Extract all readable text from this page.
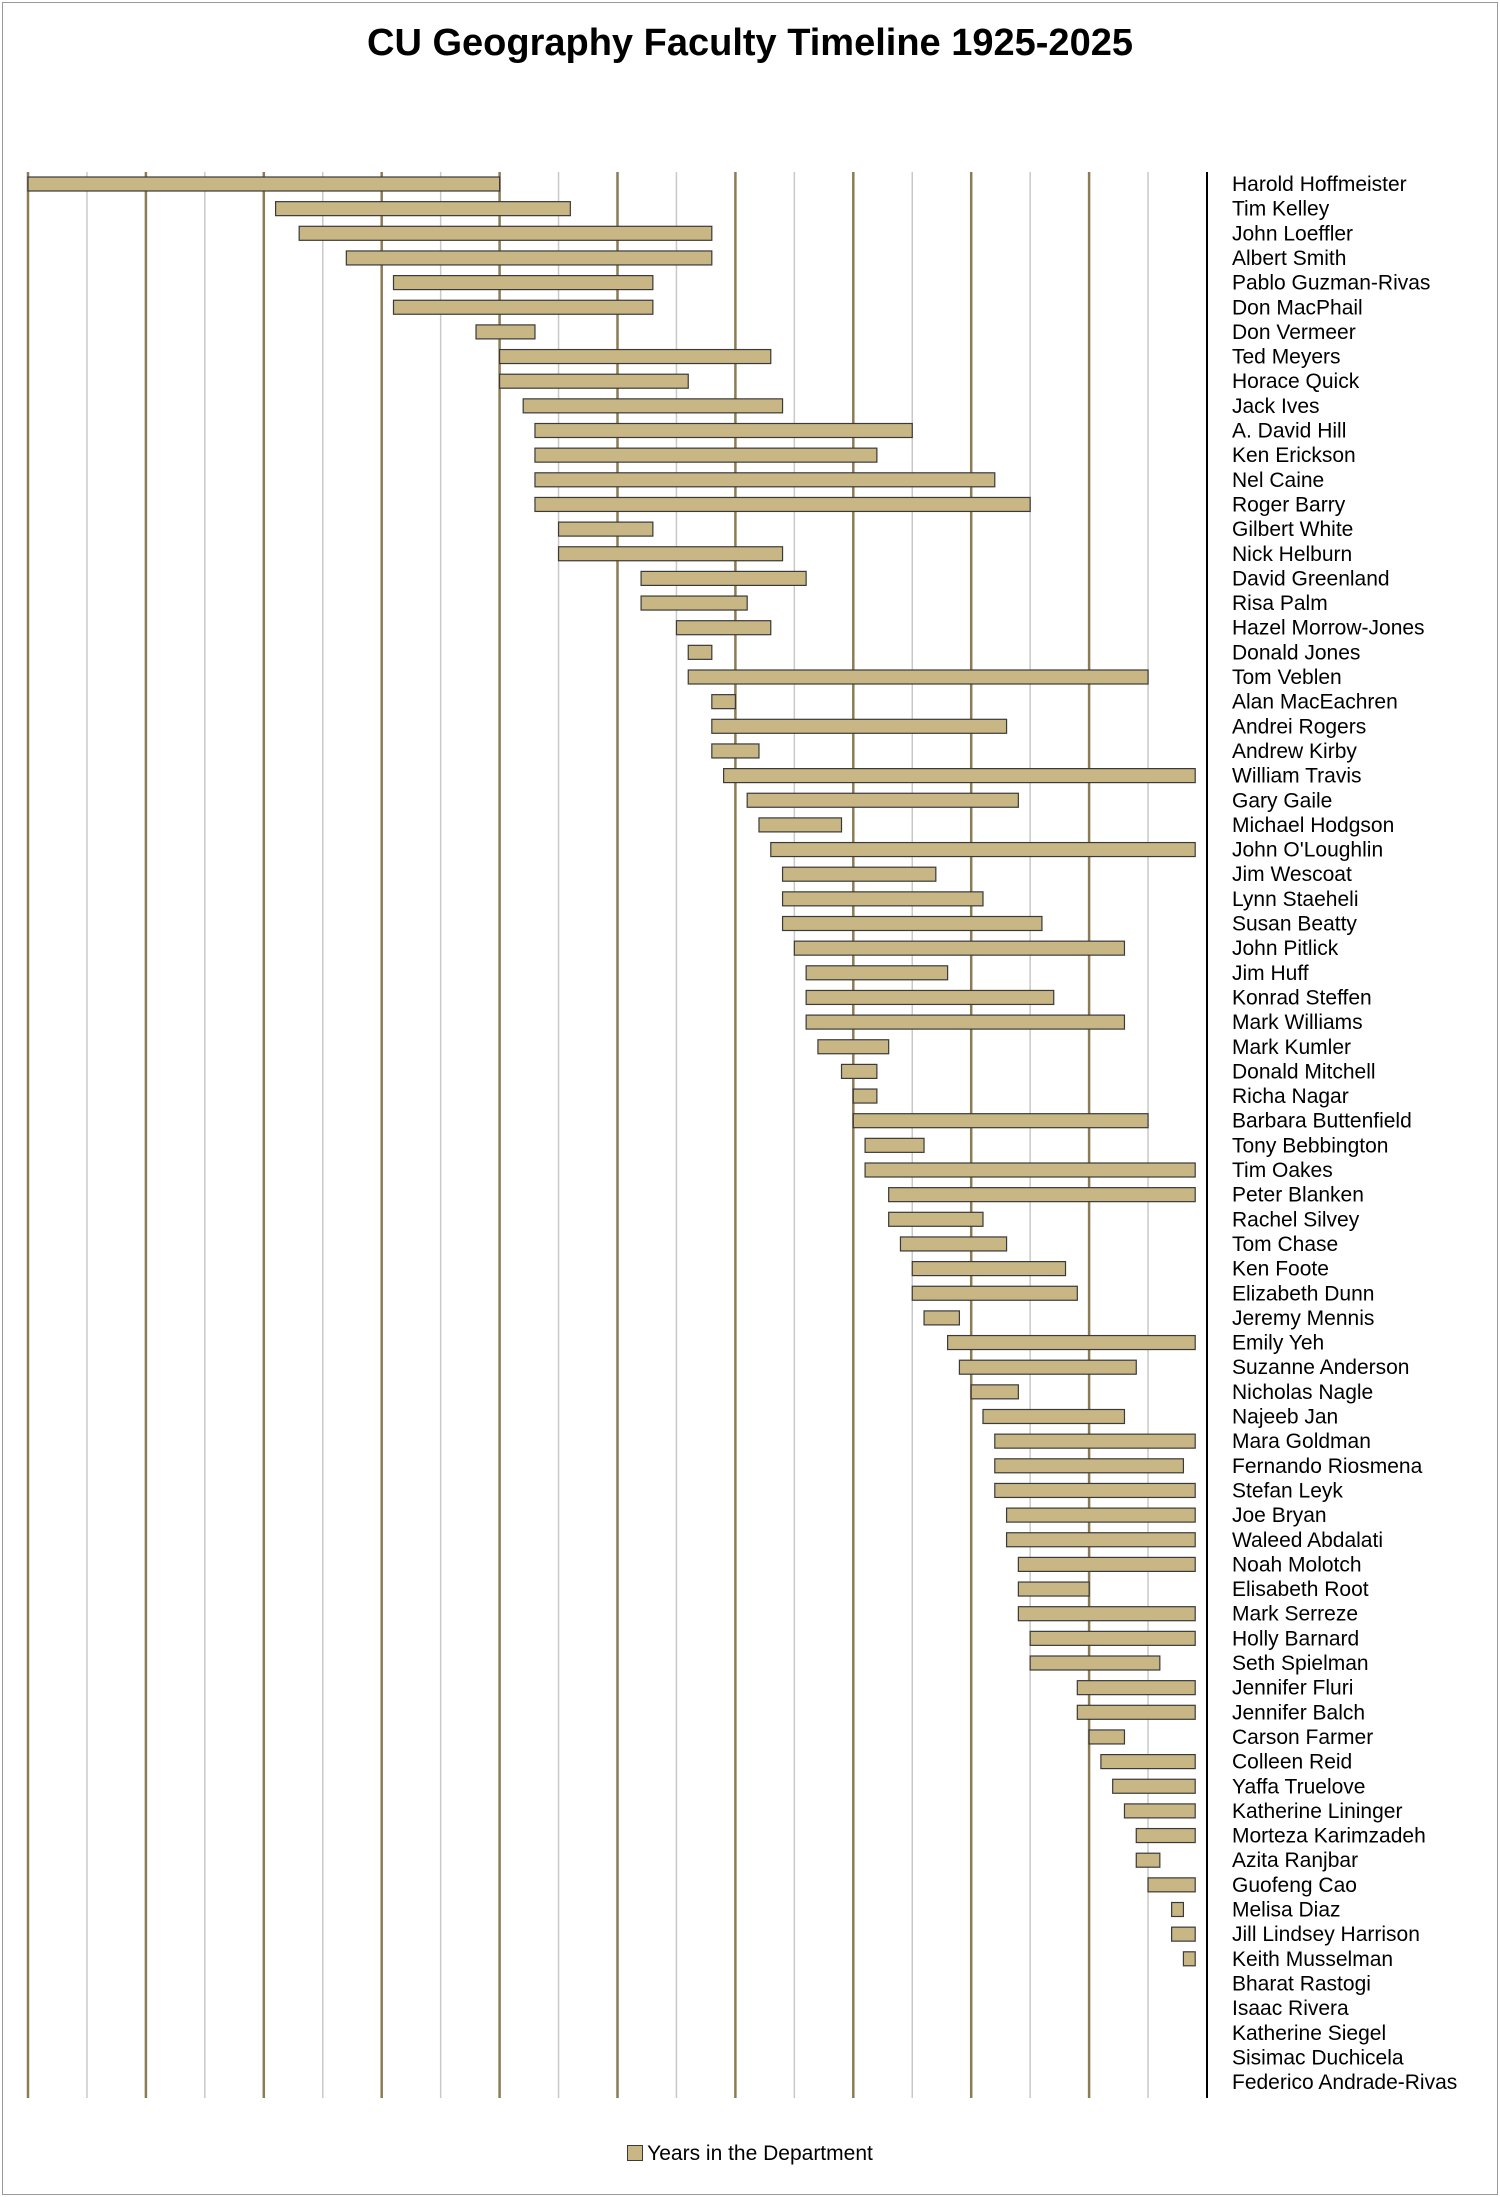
CU Geography Faculty Timeline 1925-2025
Harold Hoffmeister
Tim Kelley
John Loeffler
Albert Smith
Pablo Guzman-Rivas
Don MacPhail
Don Vermeer
Ted Meyers
Horace Quick
Jack Ives
A. David Hill
Ken Erickson
Nel Caine
Roger Barry
Gilbert White
Nick Helburn
David Greenland
Risa Palm
Hazel Morrow-Jones
Donald Jones
Tom Veblen
Alan MacEachren
Andrei Rogers
Andrew Kirby
William Travis
Gary Gaile
Michael Hodgson
John O'Loughlin
Jim Wescoat
Lynn Staeheli
Susan Beatty
John Pitlick
Jim Huff
Konrad Steffen
Mark Williams
Mark Kumler
Donald Mitchell
Richa Nagar
Barbara Buttenfield
Tony Bebbington
Tim Oakes
Peter Blanken
Rachel Silvey
Tom Chase
Ken Foote
Elizabeth Dunn
Jeremy Mennis
Emily Yeh
Suzanne Anderson
Nicholas Nagle
Najeeb Jan
Mara Goldman
Fernando Riosmena
Stefan Leyk
Joe Bryan
Waleed Abdalati
Noah Molotch
Elisabeth Root
Mark Serreze
Holly Barnard
Seth Spielman
Jennifer Fluri
Jennifer Balch
Carson Farmer
Colleen Reid
Yaffa Truelove
Katherine Lininger
Morteza Karimzadeh
Azita Ranjbar
Guofeng Cao
Melisa Diaz
Jill Lindsey Harrison
Keith Musselman
Bharat Rastogi
Isaac Rivera
Katherine Siegel
Sisimac Duchicela
Federico Andrade-Rivas
Years in the Department
